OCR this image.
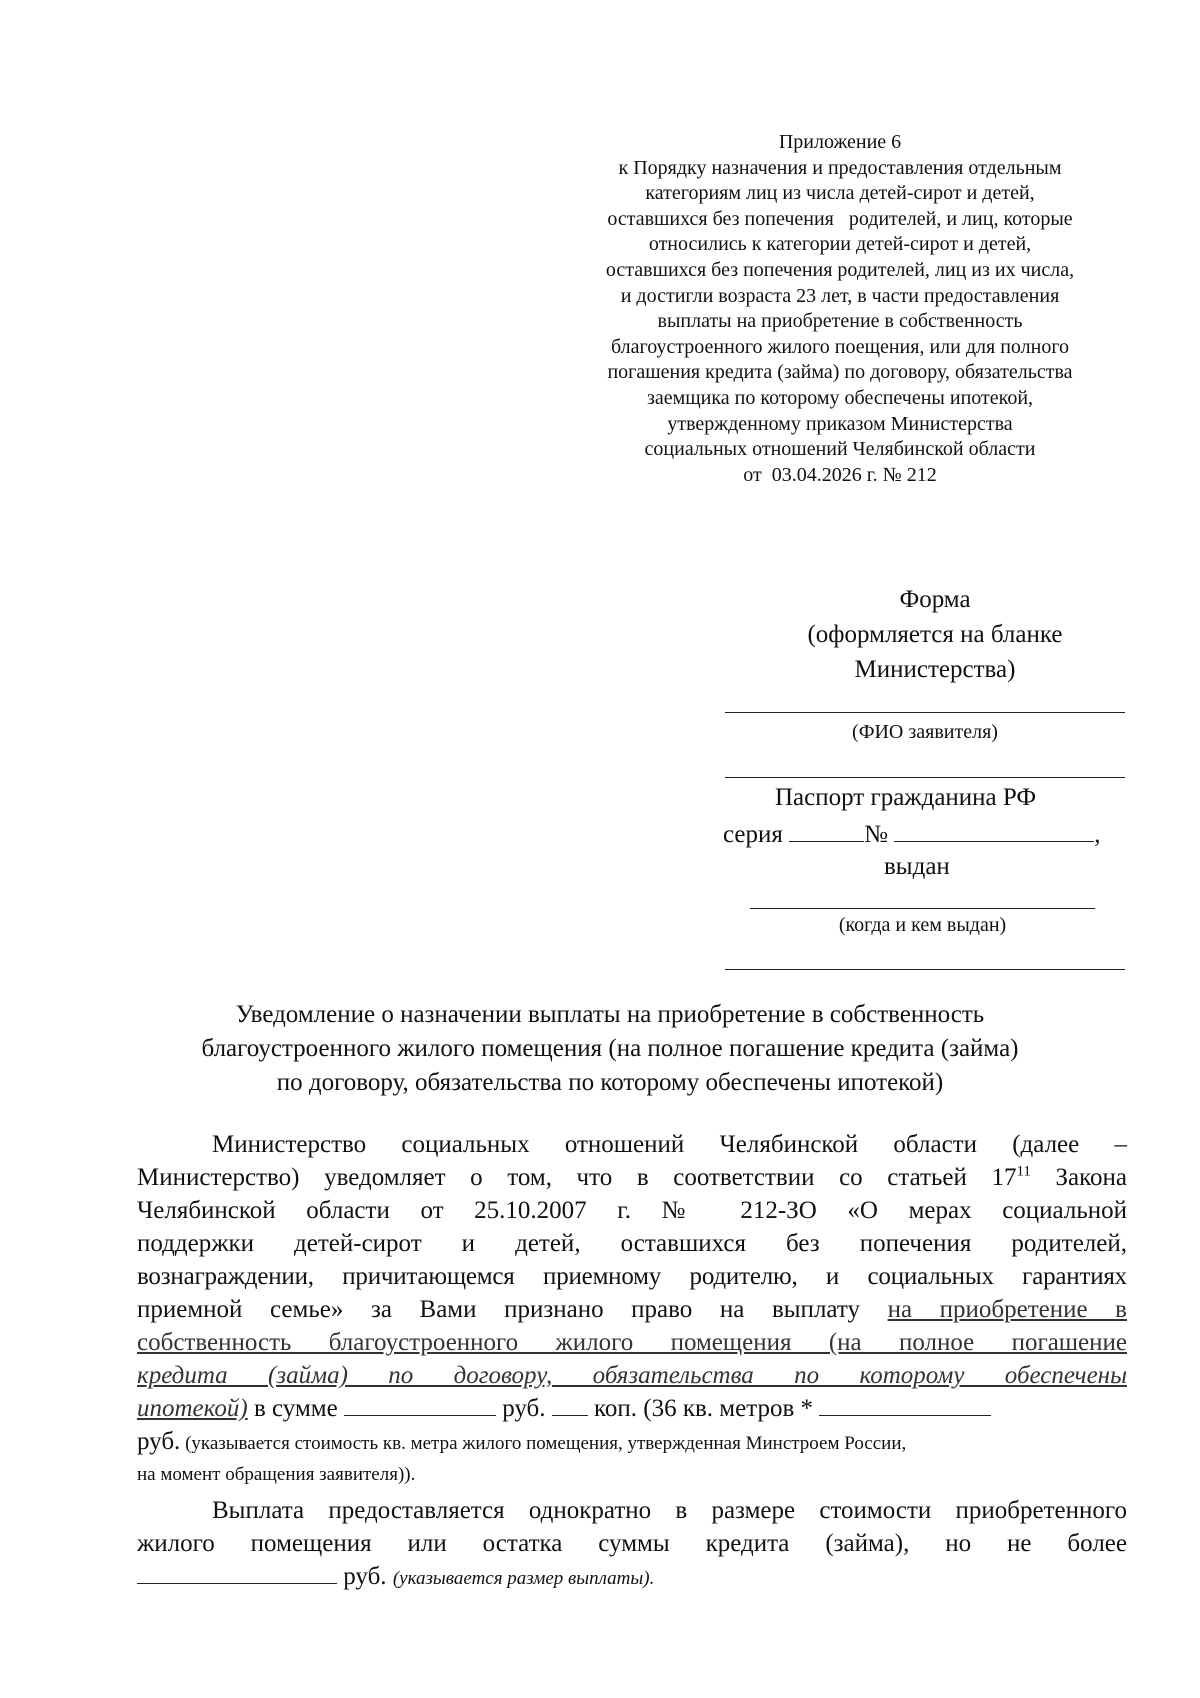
Приложение 6
к Порядку назначения и предоставления отдельным
категориям лиц из числа детей-сирот и детей,
оставшихся без попечения   родителей, и лиц, которые
относились к категории детей-сирот и детей,
оставшихся без попечения родителей, лиц из их числа,
и достигли возраста 23 лет, в части предоставления
выплаты на приобретение в собственность
благоустроенного жилого поещения, или для полного
погашения кредита (займа) по договору, обязательства
заемщика по которому обеспечены ипотекой,
утвержденному приказом Министерства
социальных отношений Челябинской области
от  03.04.2026 г. № 212
Форма
(оформляется на бланке
Министерства)
(ФИО заявителя)
Паспорт гражданина РФ
серия	№	,
выдан
(когда и кем выдан)
Уведомление о назначении выплаты на приобретение в собственность
благоустроенного жилого помещения (на полное погашение кредита (займа)
по договору, обязательства по которому обеспечены ипотекой)
Министерство социальных отношений Челябинской области (далее –
Министерство) уведомляет о том, что в соответствии со статьей $17^{11}$ Закона
Челябинской области от 25.10.2007 г. № 212-ЗО «О мерах социальной
поддержки детей-сирот и детей, оставшихся без попечения родителей,
вознаграждении, причитающемся приемному родителю, и социальных гарантиях
приемной семье» за Вами признано право на выплату на приобретение в
собственность благоустроенного жилого помещения (на полное погашение
кредита (займа) по договору, обязательства по которому обеспечены
ипотекой) в сумме	руб. коп. (36 кв. метров *
руб. (указывается стоимость кв. метра жилого помещения, утвержденная Минстроем России,
на момент обращения заявителя)).
Выплата предоставляется однократно в размере стоимости приобретенного
жилого помещения или остатка суммы кредита (займа), но не более
руб. (указывается размер выплаты).
